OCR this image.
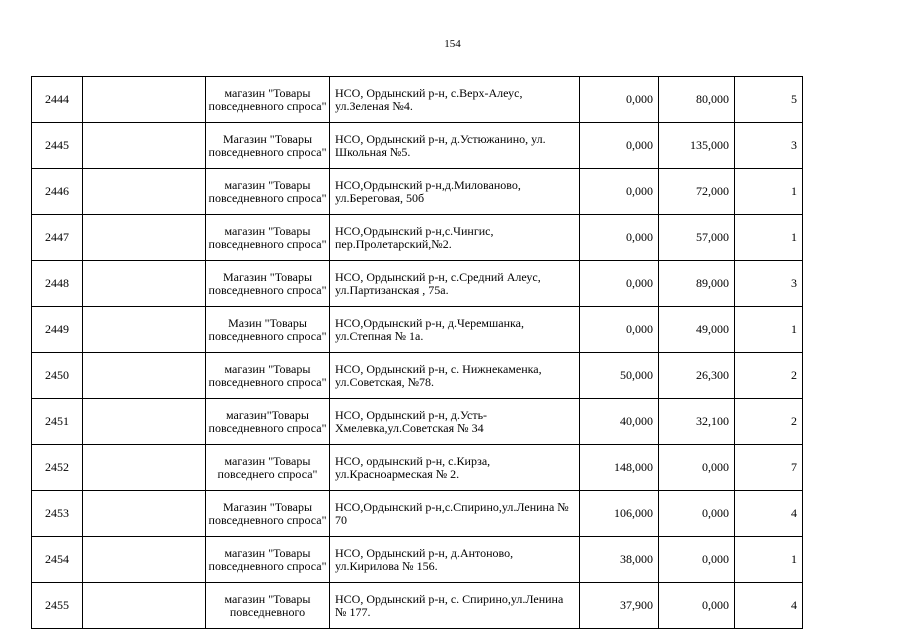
154
2444		магазин "Товары повседневного спроса"	НСО, Ордынский р-н, с.Верх-Алеус, ул.Зеленая №4.	0,000	80,000	5
2445		Магазин "Товары повседневного спроса"	НСО, Ордынский р-н, д.Устюжанино, ул. Школьная №5.	0,000	135,000	3
2446		магазин "Товары повседневного спроса"	НСО,Ордынский р-н,д.Милованово, ул.Береговая, 50б	0,000	72,000	1
2447		магазин "Товары повседневного спроса"	НСО,Ордынский р-н,с.Чингис, пер.Пролетарский,№2.	0,000	57,000	1
2448		Магазин "Товары повседневного спроса"	НСО, Ордынский р-н, с.Средний Алеус, ул.Партизанская , 75а.	0,000	89,000	3
2449		Мазин "Товары повседневного спроса"	НСО,Ордынский р-н, д.Черемшанка, ул.Степная № 1а.	0,000	49,000	1
2450		магазин "Товары повседневного спроса"	НСО, Ордынский р-н, с. Нижнекаменка, ул.Советская, №78.	50,000	26,300	2
2451		магазин"Товары повседневного спроса"	НСО, Ордынский р-н, д.Усть-Хмелевка,ул.Советская № 34	40,000	32,100	2
2452		магазин "Товары повседнего спроса"	НСО, ордынский р-н, с.Кирза, ул.Красноармеская № 2.	148,000	0,000	7
2453		Магазин "Товары повседневного спроса"	НСО,Ордынский р-н,с.Спирино,ул.Ленина № 70	106,000	0,000	4
2454		магазин "Товары повседневного спроса"	НСО, Ордынский р-н, д.Антоново, ул.Кирилова № 156.	38,000	0,000	1
2455		магазин "Товары повседневного	НСО, Ордынский р-н, с. Спирино,ул.Ленина № 177.	37,900	0,000	4
